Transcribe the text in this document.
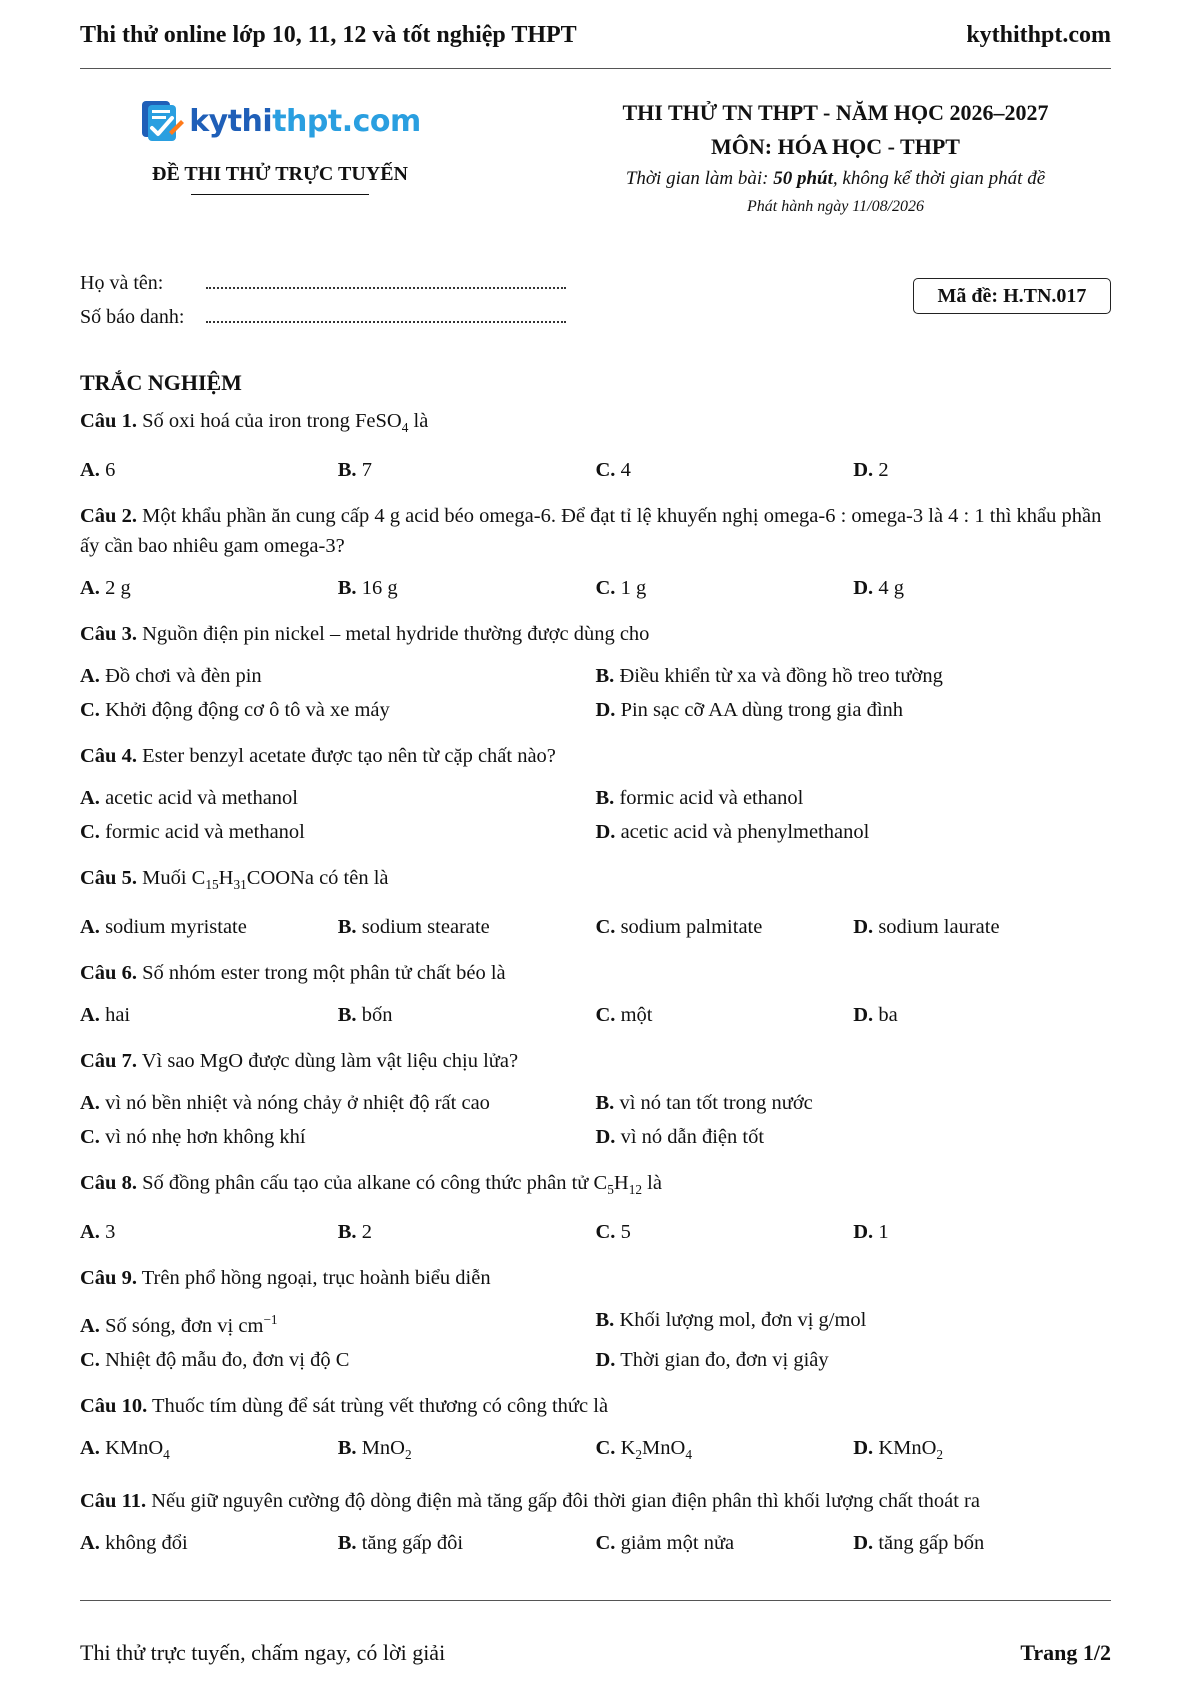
Thi thử online lớp 10, 11, 12 và tốt nghiệp THPT	kythithpt.com
kythithpt.com
ĐỀ THI THỬ TRỰC TUYẾN
THI THỬ TN THPT - NĂM HỌC 2026–2027
MÔN: HÓA HỌC - THPT
Thời gian làm bài: 50 phút, không kể thời gian phát đề
Phát hành ngày 11/08/2026
Họ và tên:
Số báo danh:
Mã đề: H.TN.017
TRẮC NGHIỆM
Câu 1. Số oxi hoá của iron trong FeSO$_4$ là
A. 6	B. 7	C. 4	D. 2
Câu 2. Một khẩu phần ăn cung cấp 4 g acid béo omega-6. Để đạt tỉ lệ khuyến nghị omega-6 : omega-3 là 4 : 1 thì khẩu phần ấy cần bao nhiêu gam omega-3?
A. 2 g	B. 16 g	C. 1 g	D. 4 g
Câu 3. Nguồn điện pin nickel – metal hydride thường được dùng cho
A. Đồ chơi và đèn pin	B. Điều khiển từ xa và đồng hồ treo tường
C. Khởi động động cơ ô tô và xe máy	D. Pin sạc cỡ AA dùng trong gia đình
Câu 4. Ester benzyl acetate được tạo nên từ cặp chất nào?
A. acetic acid và methanol	B. formic acid và ethanol
C. formic acid và methanol	D. acetic acid và phenylmethanol
Câu 5. Muối $C_{15}H_{31}COONa$ có tên là
A. sodium myristate	B. sodium stearate	C. sodium palmitate	D. sodium laurate
Câu 6. Số nhóm ester trong một phân tử chất béo là
A. hai	B. bốn	C. một	D. ba
Câu 7. Vì sao MgO được dùng làm vật liệu chịu lửa?
A. vì nó bền nhiệt và nóng chảy ở nhiệt độ rất cao	B. vì nó tan tốt trong nước
C. vì nó nhẹ hơn không khí	D. vì nó dẫn điện tốt
Câu 8. Số đồng phân cấu tạo của alkane có công thức phân tử $C_5H_{12}$ là
A. 3	B. 2	C. 5	D. 1
Câu 9. Trên phổ hồng ngoại, trục hoành biểu diễn
A. Số sóng, đơn vị $cm^{-1}$	B. Khối lượng mol, đơn vị g/mol
C. Nhiệt độ mẫu đo, đơn vị độ C	D. Thời gian đo, đơn vị giây
Câu 10. Thuốc tím dùng để sát trùng vết thương có công thức là
A. KMnO$_4$	B. MnO$_2$	C. $K_2MnO_4$	D. KMnO$_2$
Câu 11. Nếu giữ nguyên cường độ dòng điện mà tăng gấp đôi thời gian điện phân thì khối lượng chất thoát ra
A. không đổi	B. tăng gấp đôi	C. giảm một nửa	D. tăng gấp bốn
Thi thử trực tuyến, chấm ngay, có lời giải	Trang 1/2
